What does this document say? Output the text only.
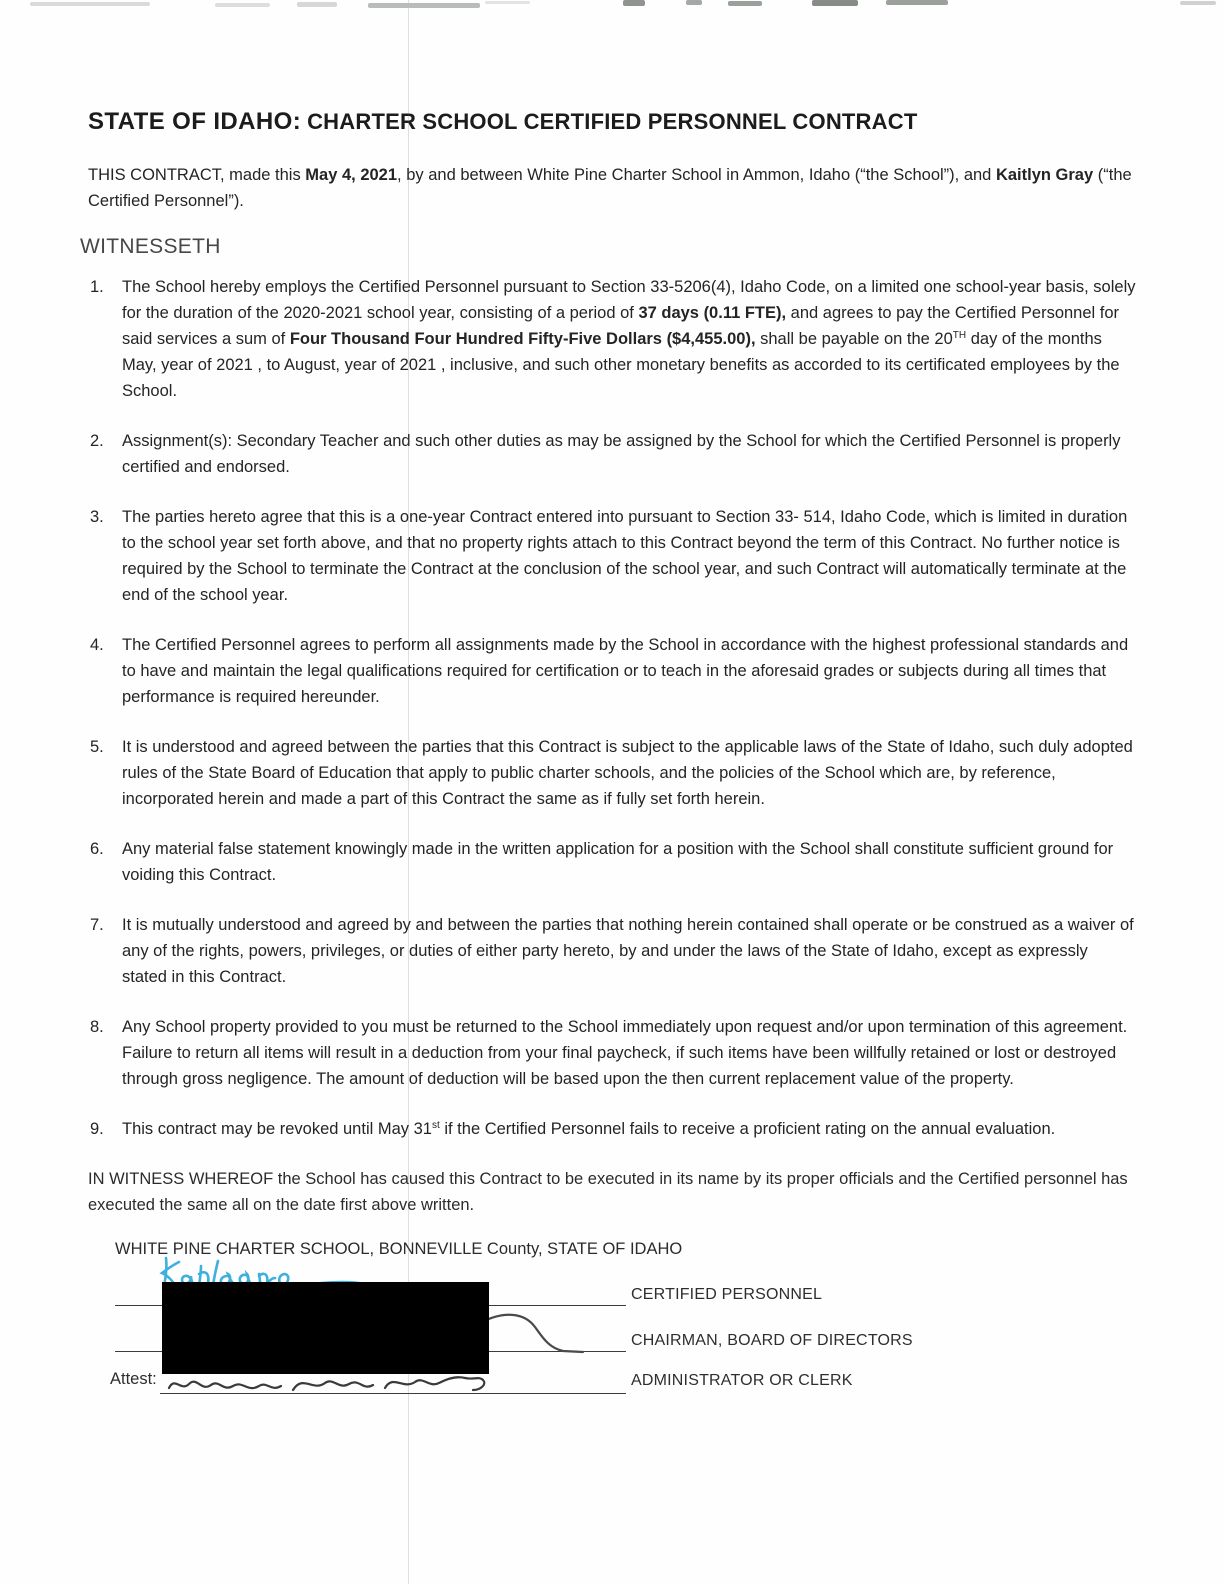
STATE OF IDAHO: CHARTER SCHOOL CERTIFIED PERSONNEL CONTRACT

THIS CONTRACT, made this May 4, 2021, by and between White Pine Charter School in Ammon, Idaho (“the School”), and Kaitlyn Gray (“the Certified Personnel”).

WITNESSETH
1.	The School hereby employs the Certified Personnel pursuant to Section 33-5206(4), Idaho Code, on a limited one school-year basis, solely for the duration of the 2020-2021 school year, consisting of a period of 37 days (0.11 FTE), and agrees to pay the Certified Personnel for said services a sum of Four Thousand Four Hundred Fifty-Five Dollars ($4,455.00), shall be payable on the 20TH day of the months May, year of 2021 , to August, year of 2021 , inclusive, and such other monetary benefits as accorded to its certificated employees by the School.
2.	Assignment(s): Secondary Teacher and such other duties as may be assigned by the School for which the Certified Personnel is properly certified and endorsed.
3.	The parties hereto agree that this is a one-year Contract entered into pursuant to Section 33- 514, Idaho Code, which is limited in duration to the school year set forth above, and that no property rights attach to this Contract beyond the term of this Contract. No further notice is required by the School to terminate the Contract at the conclusion of the school year, and such Contract will automatically terminate at the end of the school year.
4.	The Certified Personnel agrees to perform all assignments made by the School in accordance with the highest professional standards and to have and maintain the legal qualifications required for certification or to teach in the aforesaid grades or subjects during all times that performance is required hereunder.
5.	It is understood and agreed between the parties that this Contract is subject to the applicable laws of the State of Idaho, such duly adopted rules of the State Board of Education that apply to public charter schools, and the policies of the School which are, by reference, incorporated herein and made a part of this Contract the same as if fully set forth herein.
6.	Any material false statement knowingly made in the written application for a position with the School shall constitute sufficient ground for voiding this Contract.
7.	It is mutually understood and agreed by and between the parties that nothing herein contained shall operate or be construed as a waiver of any of the rights, powers, privileges, or duties of either party hereto, by and under the laws of the State of Idaho, except as expressly stated in this Contract.
8.	Any School property provided to you must be returned to the School immediately upon request and/or upon termination of this agreement. Failure to return all items will result in a deduction from your final paycheck, if such items have been willfully retained or lost or destroyed through gross negligence. The amount of deduction will be based upon the then current replacement value of the property.
9.	This contract may be revoked until May 31st if the Certified Personnel fails to receive a proficient rating on the annual evaluation.

IN WITNESS WHEREOF the School has caused this Contract to be executed in its name by its proper officials and the Certified personnel has executed the same all on the date first above written.

WHITE PINE CHARTER SCHOOL, BONNEVILLE County, STATE OF IDAHO

CERTIFIED PERSONNEL
CHAIRMAN, BOARD OF DIRECTORS
Attest:	ADMINISTRATOR OR CLERK
